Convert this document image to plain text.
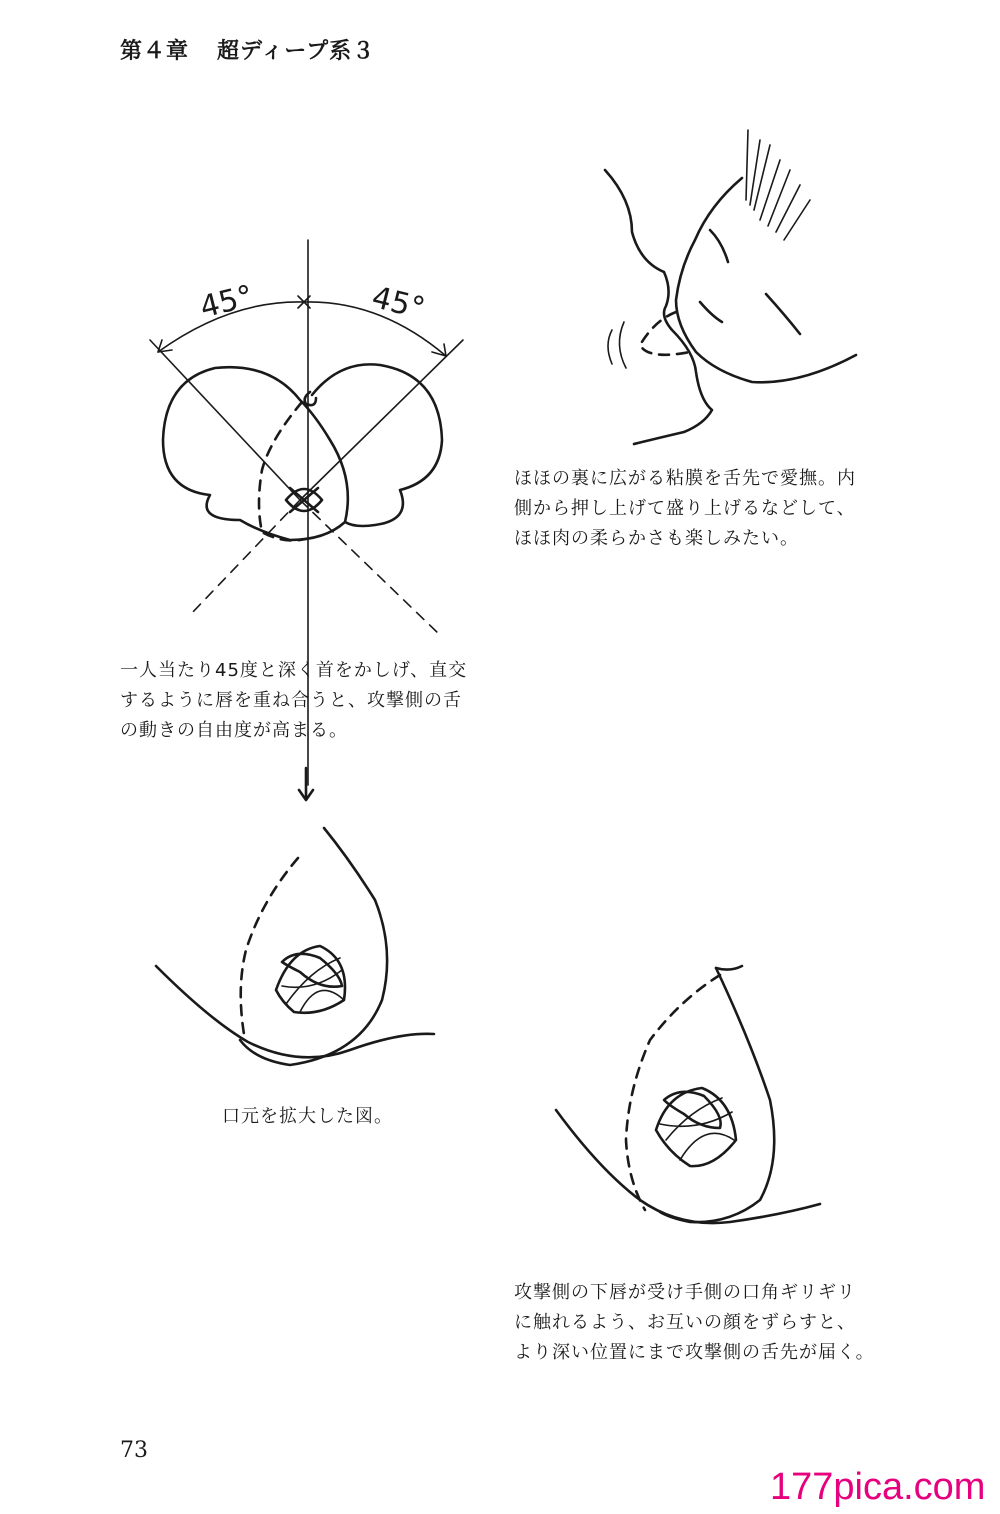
第４章 超ディープ系３
45°	45°
ほほの裏に広がる粘膜を舌先で愛撫。内
側から押し上げて盛り上げるなどして、
ほほ肉の柔らかさも楽しみたい。
一人当たり45度と深く首をかしげ、直交
するように唇を重ね合うと、攻撃側の舌
の動きの自由度が高まる。
口元を拡大した図。
攻撃側の下唇が受け手側の口角ギリギリ
に触れるよう、お互いの顔をずらすと、
より深い位置にまで攻撃側の舌先が届く。
73
177pica.com
